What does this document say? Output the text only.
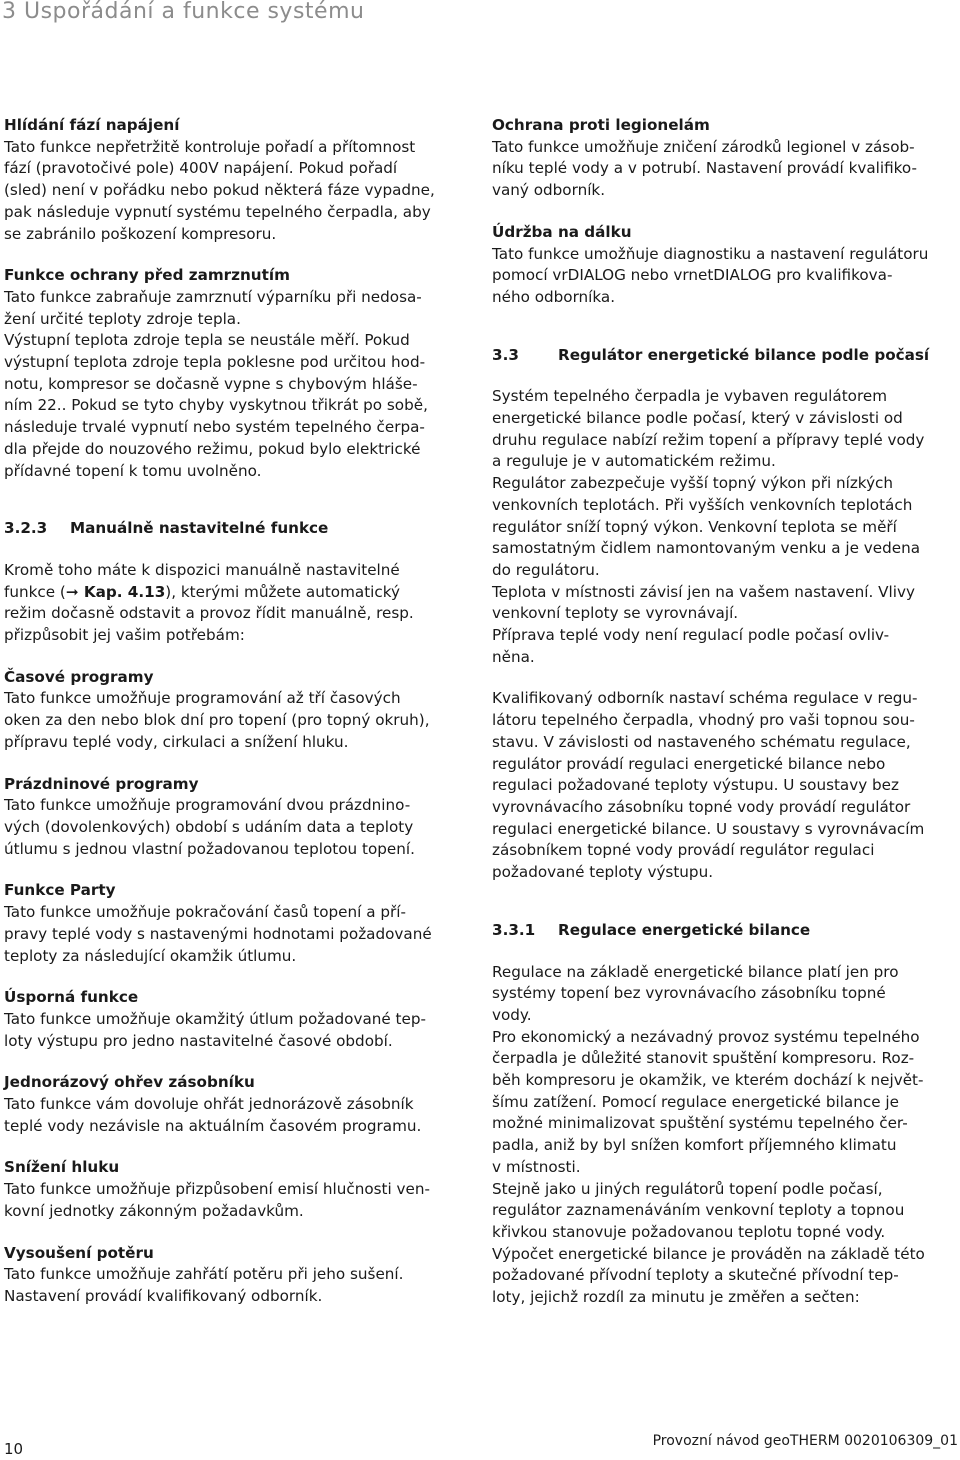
3 Uspořádání a funkce systému

Hlídání fází napájení

Tato funkce nepřetržitě kontroluje pořadí a přítomnost
fází (pravotočivé pole) 400V napájení. Pokud pořadí
(sled) není v pořádku nebo pokud některá fáze vypadne,
pak následuje vypnutí systému tepelného čerpadla, aby
se zabránilo poškození kompresoru.

Funkce ochrany před zamrznutím

Tato funkce zabraňuje zamrznutí výparníku při nedosa-
žení určité teploty zdroje tepla.
Výstupní teplota zdroje tepla se neustále měří. Pokud
výstupní teplota zdroje tepla poklesne pod určitou hod-
notu, kompresor se dočasně vypne s chybovým hláše-
ním 22.. Pokud se tyto chyby vyskytnou třikrát po sobě,
následuje trvalé vypnutí nebo systém tepelného čerpa-
dla přejde do nouzového režimu, pokud bylo elektrické
přídavné topení k tomu uvolněno.

3.2.3	Manuálně nastavitelné funkce

Kromě toho máte k dispozici manuálně nastavitelné
funkce (➞ Kap. 4.13), kterými můžete automatický
režim dočasně odstavit a provoz řídit manuálně, resp.
přizpůsobit jej vašim potřebám:

Časové programy

Tato funkce umožňuje programování až tří časových
oken za den nebo blok dní pro topení (pro topný okruh),
přípravu teplé vody, cirkulaci a snížení hluku.

Prázdninové programy

Tato funkce umožňuje programování dvou prázdnino-
vých (dovolenkových) období s udáním data a teploty
útlumu s jednou vlastní požadovanou teplotou topení.

Funkce Party

Tato funkce umožňuje pokračování časů topení a pří-
pravy teplé vody s nastavenými hodnotami požadované
teploty za následující okamžik útlumu.

Úsporná funkce

Tato funkce umožňuje okamžitý útlum požadované tep-
loty výstupu pro jedno nastavitelné časové období.

Jednorázový ohřev zásobníku

Tato funkce vám dovoluje ohřát jednorázově zásobník
teplé vody nezávisle na aktuálním časovém programu.

Snížení hluku

Tato funkce umožňuje přizpůsobení emisí hlučnosti ven-
kovní jednotky zákonným požadavkům.

Vysoušení potěru

Tato funkce umožňuje zahřátí potěru při jeho sušení.
Nastavení provádí kvalifikovaný odborník.

Ochrana proti legionelám

Tato funkce umožňuje zničení zárodků legionel v zásob-
níku teplé vody a v potrubí. Nastavení provádí kvalifiko-
vaný odborník.

Údržba na dálku

Tato funkce umožňuje diagnostiku a nastavení regulátoru
pomocí vrDIALOG nebo vrnetDIALOG pro kvalifikova-
ného odborníka.

3.3	Regulátor energetické bilance podle počasí

Systém tepelného čerpadla je vybaven regulátorem
energetické bilance podle počasí, který v závislosti od
druhu regulace nabízí režim topení a přípravy teplé vody
a reguluje je v automatickém režimu.
Regulátor zabezpečuje vyšší topný výkon při nízkých
venkovních teplotách. Při vyšších venkovních teplotách
regulátor sníží topný výkon. Venkovní teplota se měří
samostatným čidlem namontovaným venku a je vedena
do regulátoru.
Teplota v místnosti závisí jen na vašem nastavení. Vlivy
venkovní teploty se vyrovnávají.
Příprava teplé vody není regulací podle počasí ovliv-
něna.

Kvalifikovaný odborník nastaví schéma regulace v regu-
látoru tepelného čerpadla, vhodný pro vaši topnou sou-
stavu. V závislosti od nastaveného schématu regulace,
regulátor provádí regulaci energetické bilance nebo
regulaci požadované teploty výstupu. U soustavy bez
vyrovnávacího zásobníku topné vody provádí regulátor
regulaci energetické bilance. U soustavy s vyrovnávacím
zásobníkem topné vody provádí regulátor regulaci
požadované teploty výstupu.

3.3.1	Regulace energetické bilance

Regulace na základě energetické bilance platí jen pro
systémy topení bez vyrovnávacího zásobníku topné
vody.
Pro ekonomický a nezávadný provoz systému tepelného
čerpadla je důležité stanovit spuštění kompresoru. Roz-
běh kompresoru je okamžik, ve kterém dochází k největ-
šímu zatížení. Pomocí regulace energetické bilance je
možné minimalizovat spuštění systému tepelného čer-
padla, aniž by byl snížen komfort příjemného klimatu
v místnosti.
Stejně jako u jiných regulátorů topení podle počasí,
regulátor zaznamenáváním venkovní teploty a topnou
křivkou stanovuje požadovanou teplotu topné vody.
Výpočet energetické bilance je prováděn na základě této
požadované přívodní teploty a skutečné přívodní tep-
loty, jejichž rozdíl za minutu je změřen a sečten:

10	Provozní návod geoTHERM 0020106309_01
